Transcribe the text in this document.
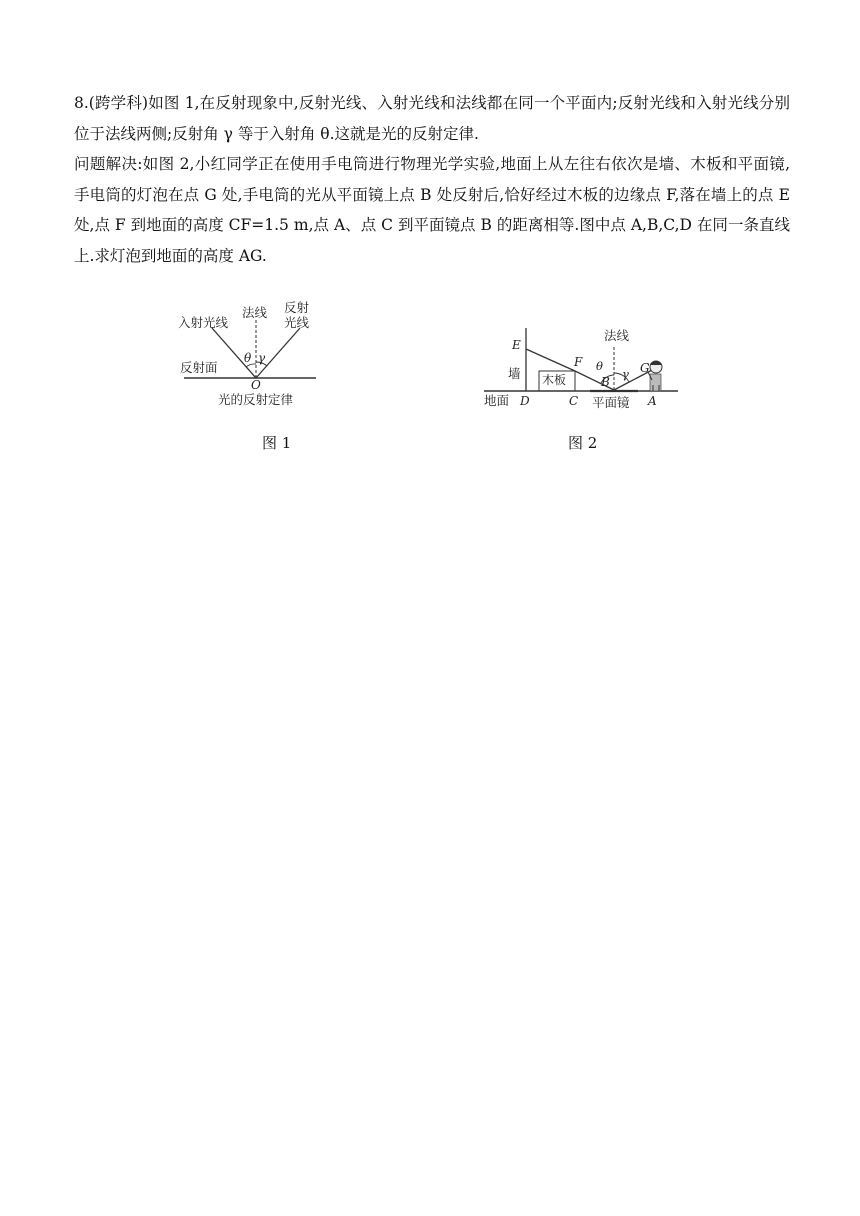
8.(跨学科)如图 1,在反射现象中,反射光线、入射光线和法线都在同一个平面内;反射光线和入射光线分别位于法线两侧;反射角 γ 等于入射角 θ.这就是光的反射定律.

问题解决:如图 2,小红同学正在使用手电筒进行物理光学实验,地面上从左往右依次是墙、木板和平面镜,手电筒的灯泡在点 G 处,手电筒的光从平面镜上点 B 处反射后,恰好经过木板的边缘点 F,落在墙上的点 E 处,点 F 到地面的高度 CF=1.5 m,点 A、点 C 到平面镜点 B 的距离相等.图中点 A,B,C,D 在同一条直线上.求灯泡到地面的高度 AG.

入射光线
法线 反射
光线
反射面
θ γ
O
光的反射定律
图 1
法线
E
墙 木板
F θ
γ
B
G
地面 D	C 平面镜 A
图 2
